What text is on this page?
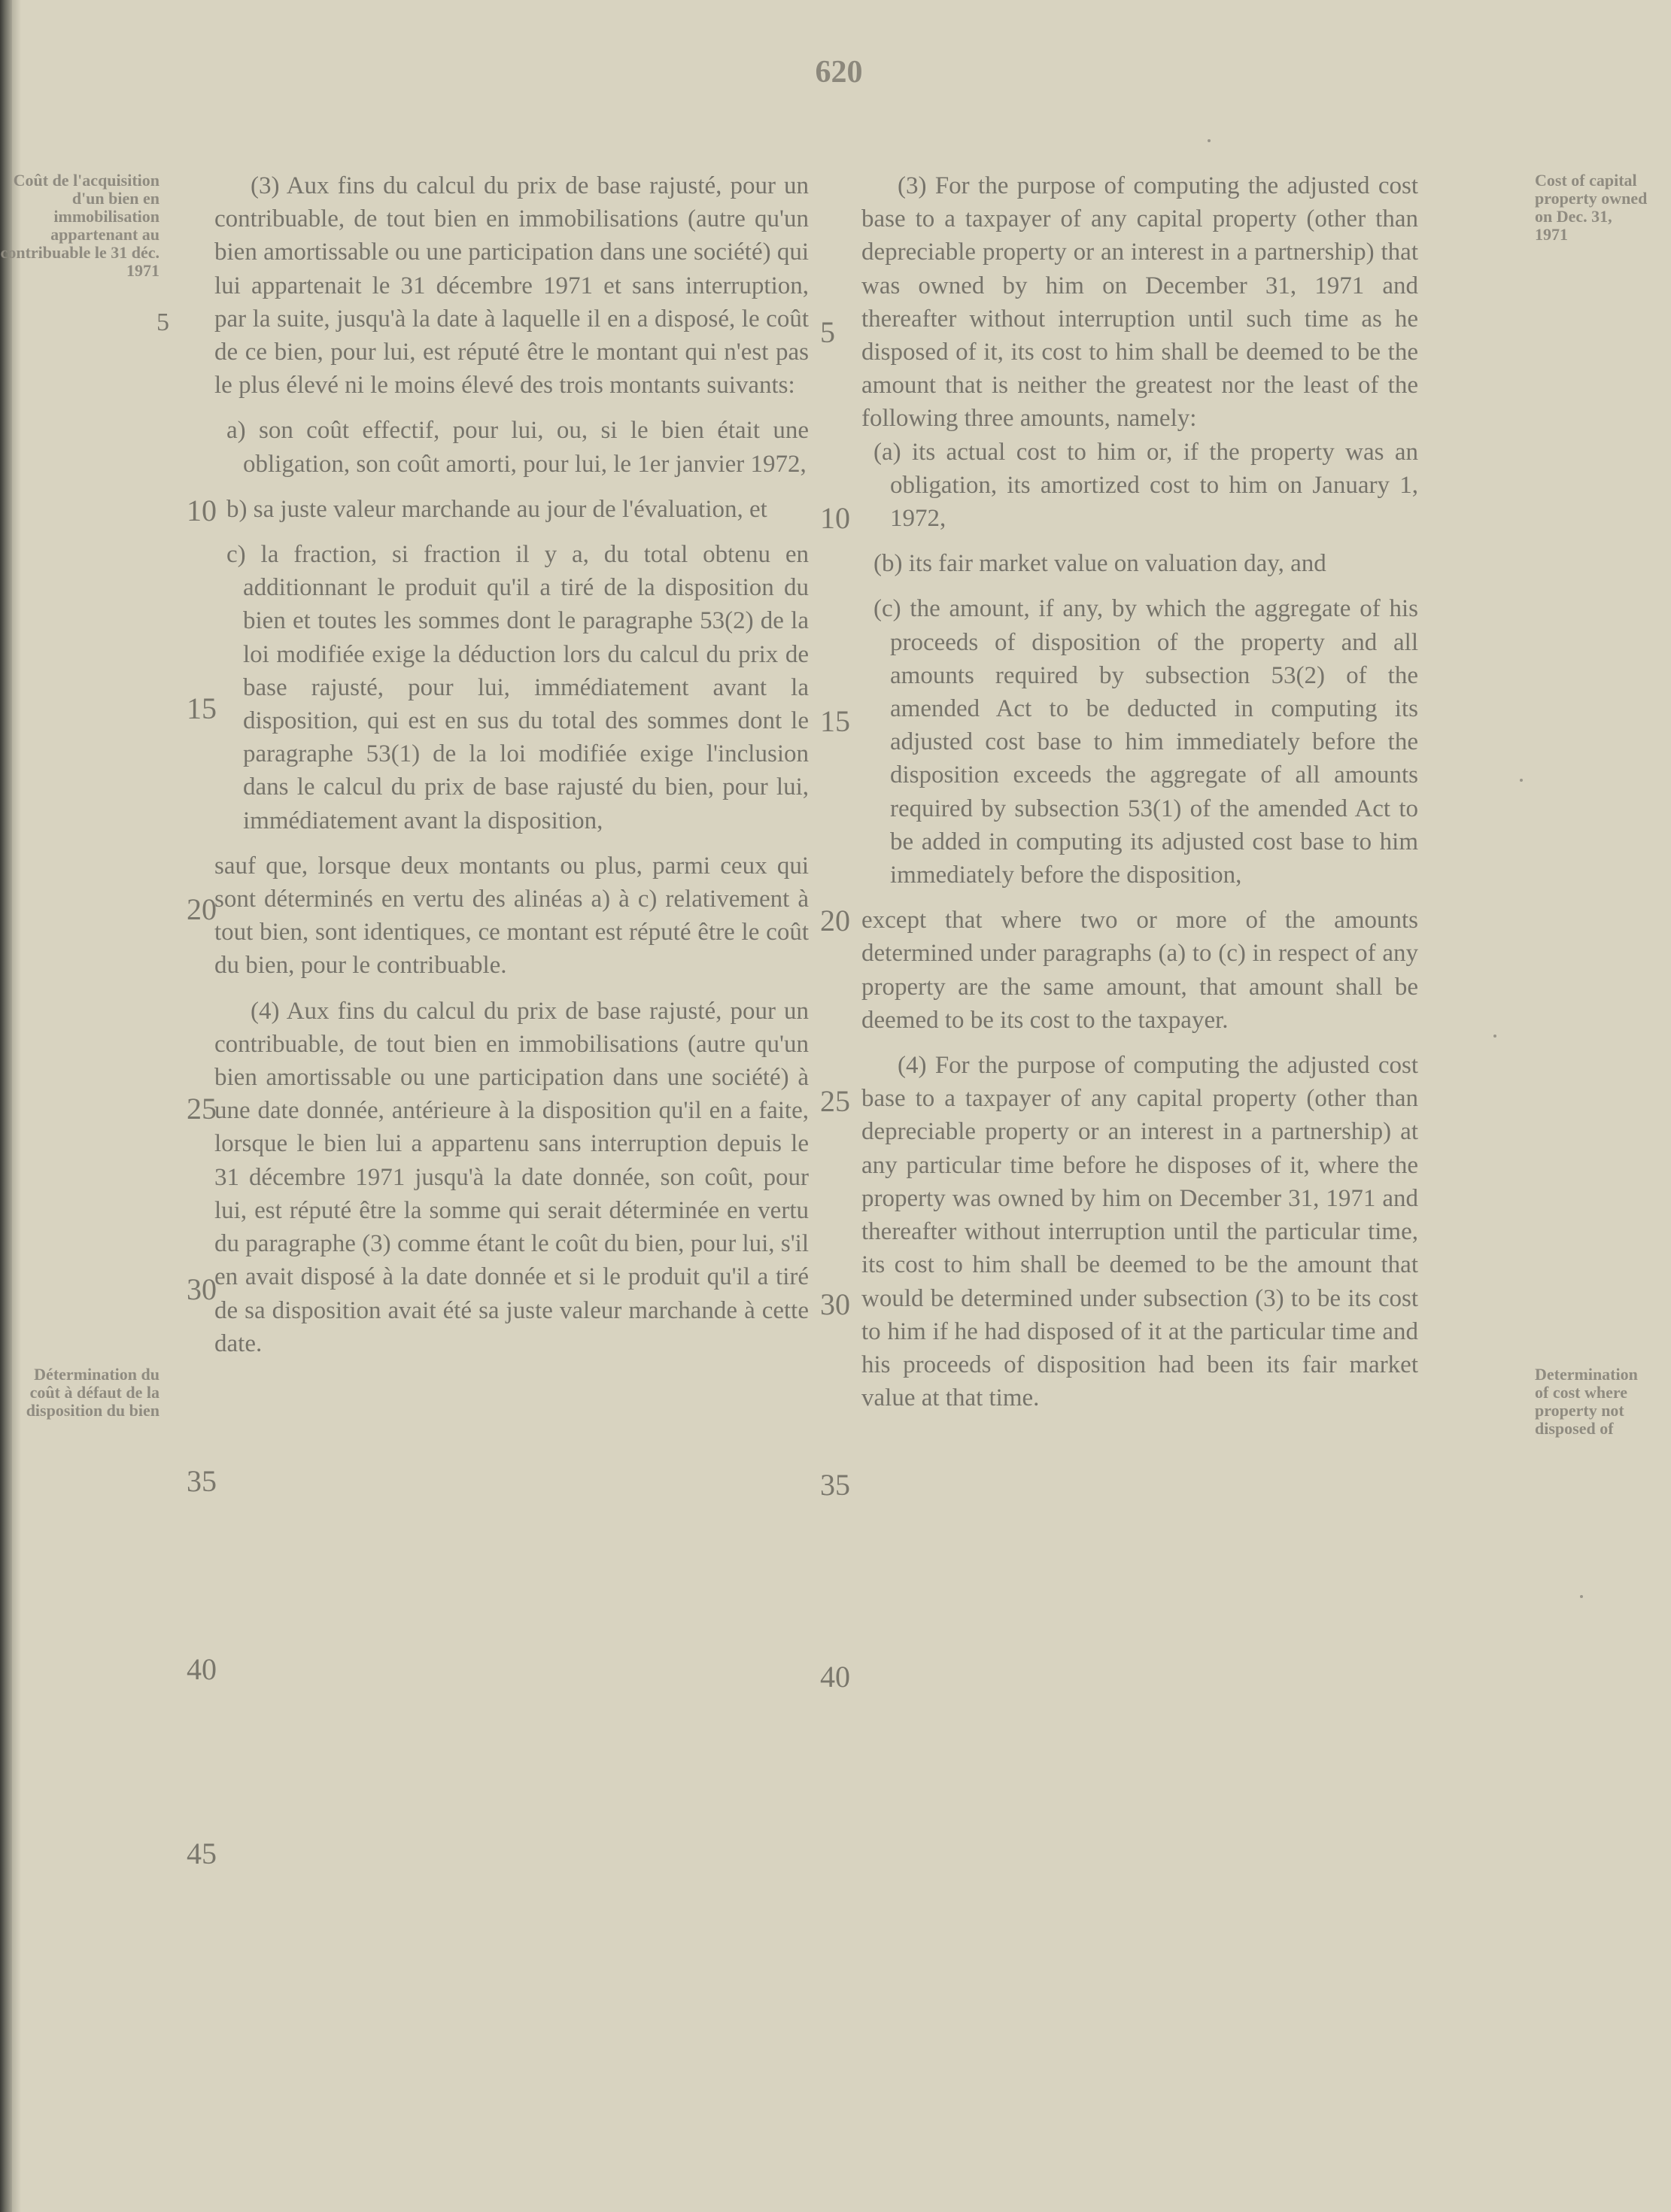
620

(3) For the purpose of computing the adjusted cost base to a taxpayer of any capital property (other than depreciable property or an interest in a partnership) that was owned by him on December 31, 1971 and thereafter without interruption until such time as he disposed of it, its cost to him shall be deemed to be the amount that is neither the greatest nor the least of the following three amounts, namely:

(a) its actual cost to him or, if the property was an obligation, its amortized cost to him on January 1, 1972,

(b) its fair market value on valuation day, and

(c) the amount, if any, by which the aggregate of his proceeds of disposition of the property and all amounts required by subsection 53(2) of the amended Act to be deducted in computing its adjusted cost base to him immediately before the disposition exceeds the aggregate of all amounts required by subsection 53(1) of the amended Act to be added in computing its adjusted cost base to him immediately before the disposition,

except that where two or more of the amounts determined under paragraphs (a) to (c) in respect of any property are the same amount, that amount shall be deemed to be its cost to the taxpayer.

(4) For the purpose of computing the adjusted cost base to a taxpayer of any capital property (other than depreciable property or an interest in a partnership) at any particular time before he disposes of it, where the property was owned by him on December 31, 1971 and thereafter without interruption until the particular time, its cost to him shall be deemed to be the amount that would be determined under subsection (3) to be its cost to him if he had disposed of it at the particular time and his proceeds of disposition had been its fair market value at that time.

(3) Aux fins du calcul du prix de base rajusté, pour un contribuable, de tout bien en immobilisations (autre qu'un bien amortissable ou une participation dans une société) qui lui appartenait le 31 décembre 1971 et sans interruption, par la suite, jusqu'à la date à laquelle il en a disposé, le coût de ce bien, pour lui, est réputé être le montant qui n'est pas le plus élevé ni le moins élevé des trois montants suivants:

a) son coût effectif, pour lui, ou, si le bien était une obligation, son coût amorti, pour lui, le 1er janvier 1972,

b) sa juste valeur marchande au jour de l'évaluation, et

c) la fraction, si fraction il y a, du total obtenu en additionnant le produit qu'il a tiré de la disposition du bien et toutes les sommes dont le paragraphe 53(2) de la loi modifiée exige la déduction lors du calcul du prix de base rajusté, pour lui, immédiatement avant la disposition, qui est en sus du total des sommes dont le paragraphe 53(1) de la loi modifiée exige l'inclusion dans le calcul du prix de base rajusté du bien, pour lui, immédiatement avant la disposition,

sauf que, lorsque deux montants ou plus, parmi ceux qui sont déterminés en vertu des alinéas a) à c) relativement à tout bien, sont identiques, ce montant est réputé être le coût du bien, pour le contribuable.

(4) Aux fins du calcul du prix de base rajusté, pour un contribuable, de tout bien en immobilisations (autre qu'un bien amortissable ou une participation dans une société) à une date donnée, antérieure à la disposition qu'il en a faite, lorsque le bien lui a appartenu sans interruption depuis le 31 décembre 1971 jusqu'à la date donnée, son coût, pour lui, est réputé être la somme qui serait déterminée en vertu du paragraphe (3) comme étant le coût du bien, pour lui, s'il en avait disposé à la date donnée et si le produit qu'il a tiré de sa disposition avait été sa juste valeur marchande à cette date.

Cost of capital property owned on Dec. 31, 1971
Determination of cost where property not disposed of
Coût de l'acquisition d'un bien en immobilisation appartenant au contribuable le 31 déc. 1971
Détermination du coût à défaut de la disposition du bien
5
10
15
20
25
30
35
40
10
15
20
25
30
35
40
45
5
